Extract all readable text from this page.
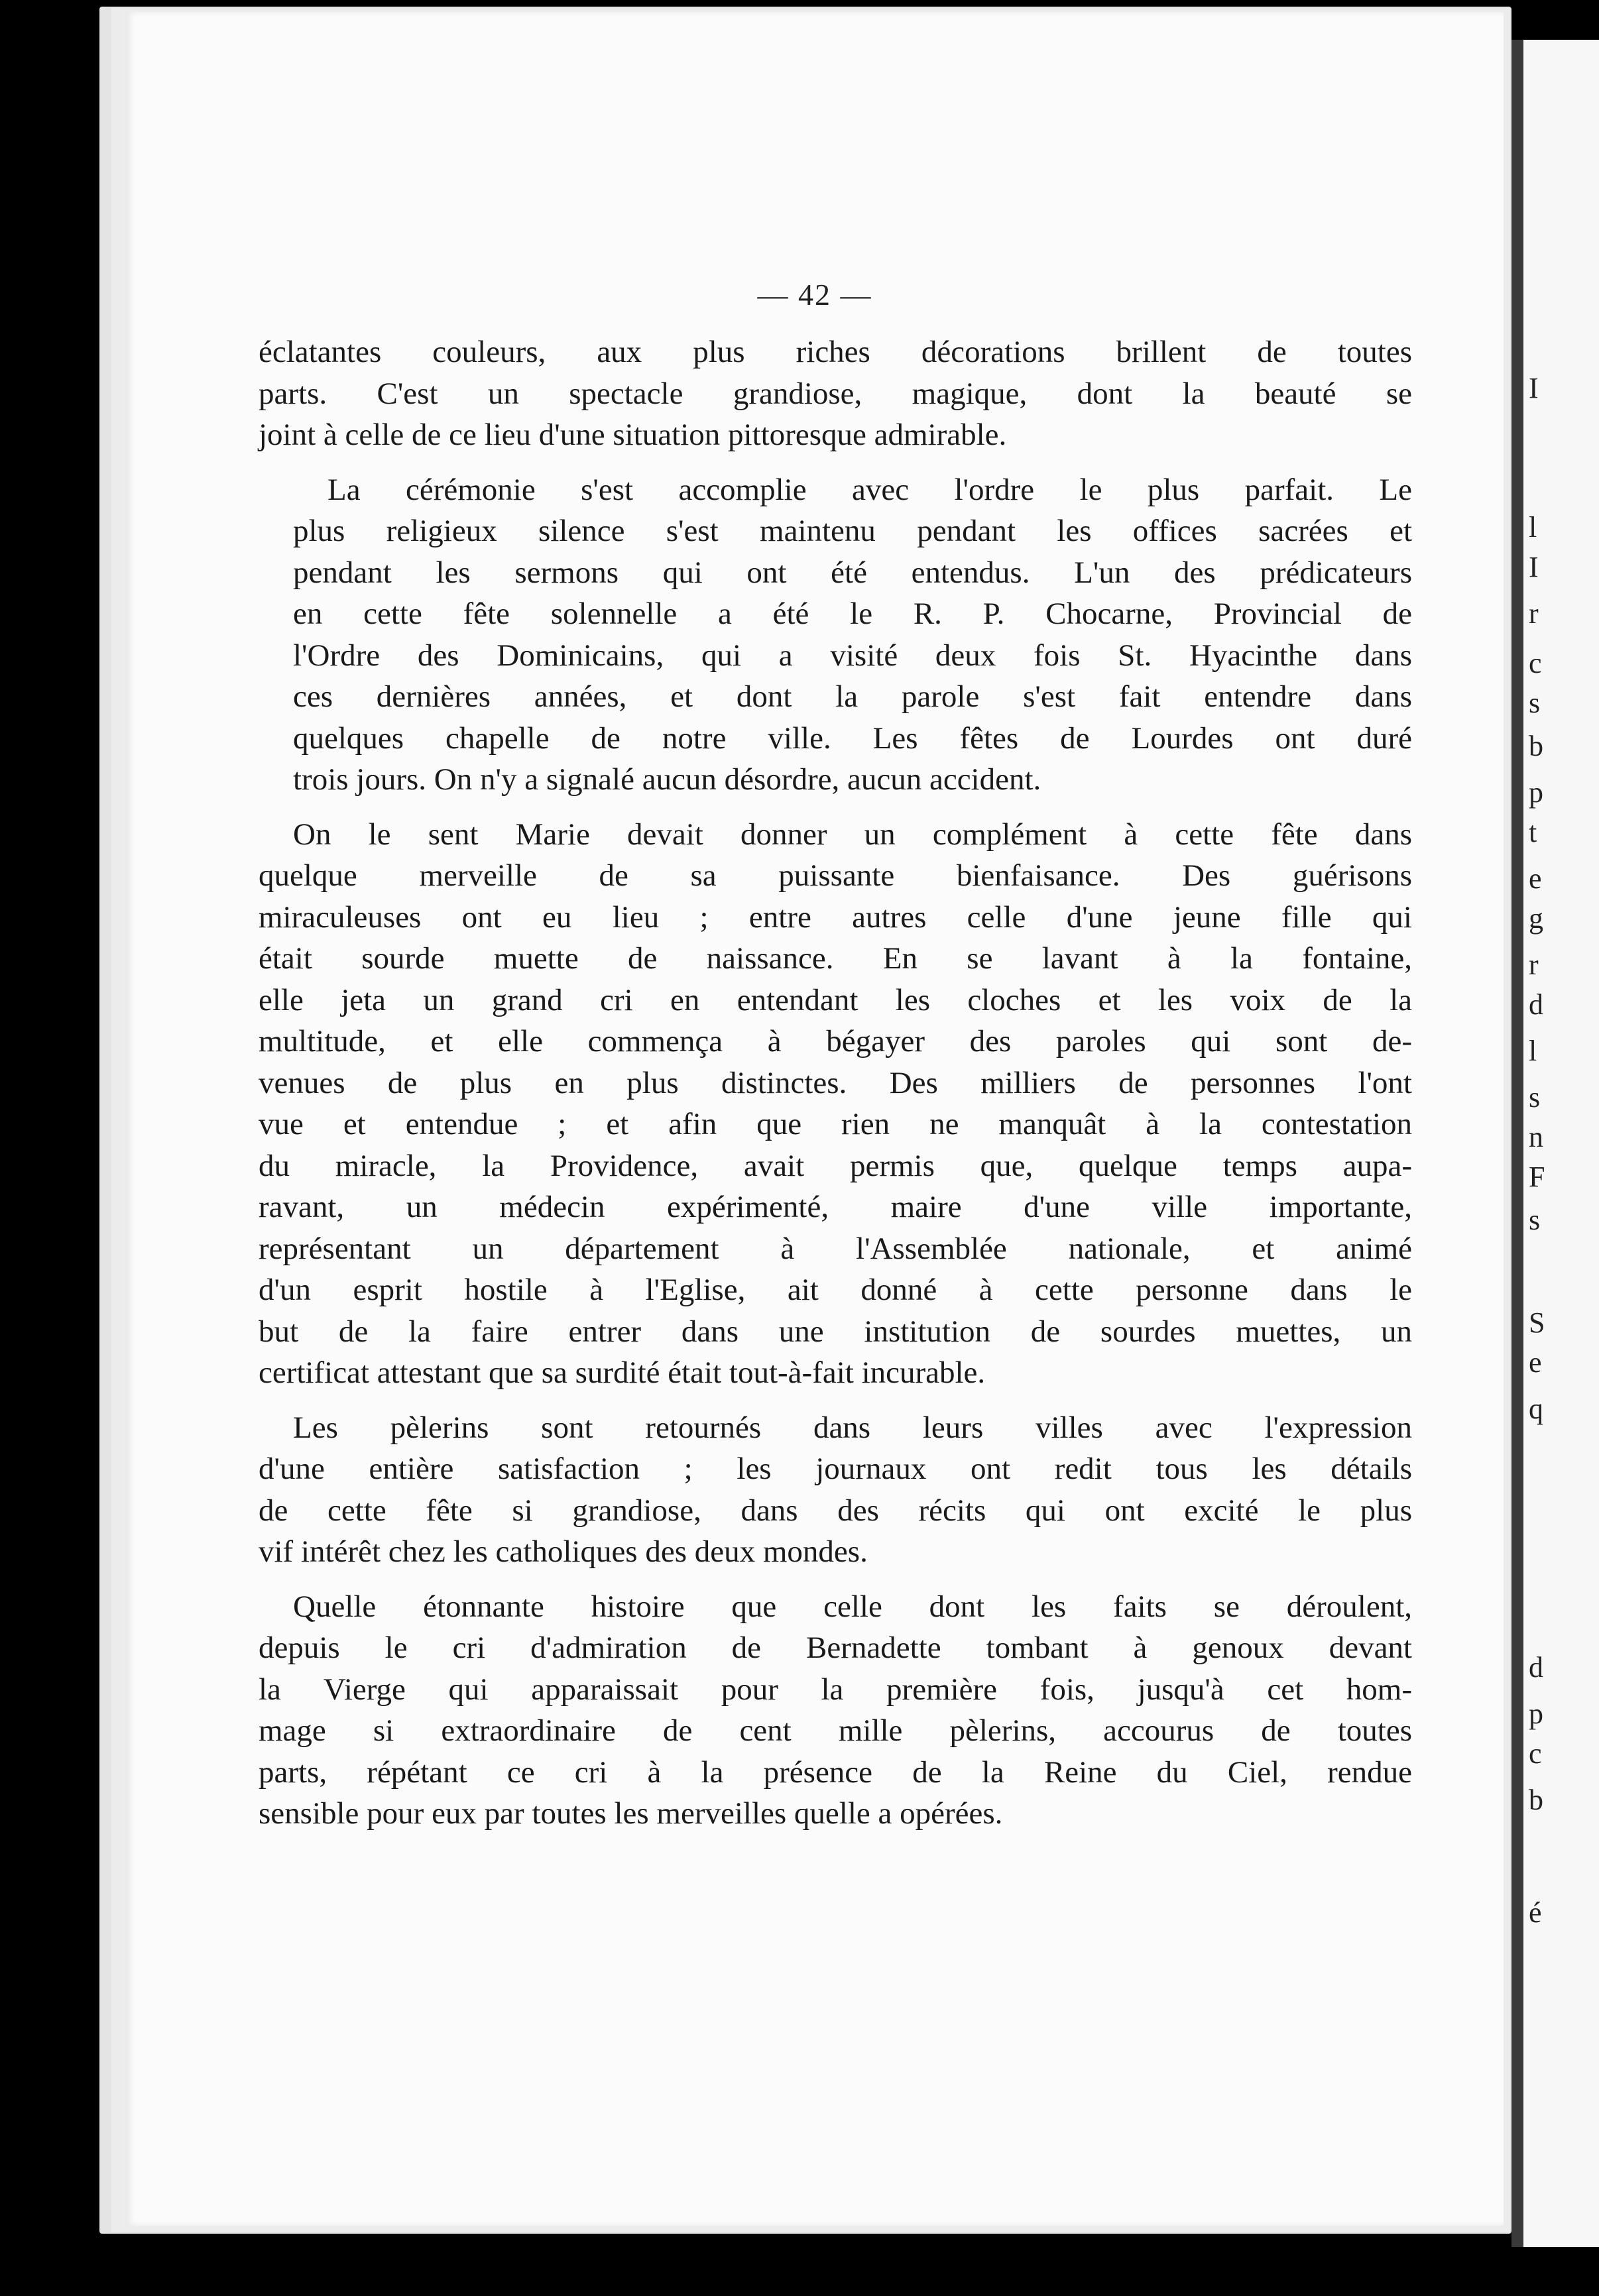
— 42 —
I
l
I
r
c
s
b
p
t
e
g
r
d
l
s
n
F
s
S
e
q
d
p
c
b
é
éclatantes couleurs, aux plus riches décorations brillent de toutes
parts. C'est un spectacle grandiose, magique, dont la beauté se
joint à celle de ce lieu d'une situation pittoresque admirable.
La cérémonie s'est accomplie avec l'ordre le plus parfait. Le
plus religieux silence s'est maintenu pendant les offices sacrées et
pendant les sermons qui ont été entendus. L'un des prédicateurs
en cette fête solennelle a été le R. P. Chocarne, Provincial de
l'Ordre des Dominicains, qui a visité deux fois St. Hyacinthe dans
ces dernières années, et dont la parole s'est fait entendre dans
quelques chapelle de notre ville. Les fêtes de Lourdes ont duré
trois jours. On n'y a signalé aucun désordre, aucun accident.
On le sent Marie devait donner un complément à cette fête dans
quelque merveille de sa puissante bienfaisance. Des guérisons
miraculeuses ont eu lieu ; entre autres celle d'une jeune fille qui
était sourde muette de naissance. En se lavant à la fontaine,
elle jeta un grand cri en entendant les cloches et les voix de la
multitude, et elle commença à bégayer des paroles qui sont de-
venues de plus en plus distinctes. Des milliers de personnes l'ont
vue et entendue ; et afin que rien ne manquât à la contestation
du miracle, la Providence, avait permis que, quelque temps aupa-
ravant, un médecin expérimenté, maire d'une ville importante,
représentant un département à l'Assemblée nationale, et animé
d'un esprit hostile à l'Eglise, ait donné à cette personne dans le
but de la faire entrer dans une institution de sourdes muettes, un
certificat attestant que sa surdité était tout-à-fait incurable.
Les pèlerins sont retournés dans leurs villes avec l'expression
d'une entière satisfaction ; les journaux ont redit tous les détails
de cette fête si grandiose, dans des récits qui ont excité le plus
vif intérêt chez les catholiques des deux mondes.
Quelle étonnante histoire que celle dont les faits se déroulent,
depuis le cri d'admiration de Bernadette tombant à genoux devant
la Vierge qui apparaissait pour la première fois, jusqu'à cet hom-
mage si extraordinaire de cent mille pèlerins, accourus de toutes
parts, répétant ce cri à la présence de la Reine du Ciel, rendue
sensible pour eux par toutes les merveilles quelle a opérées.
